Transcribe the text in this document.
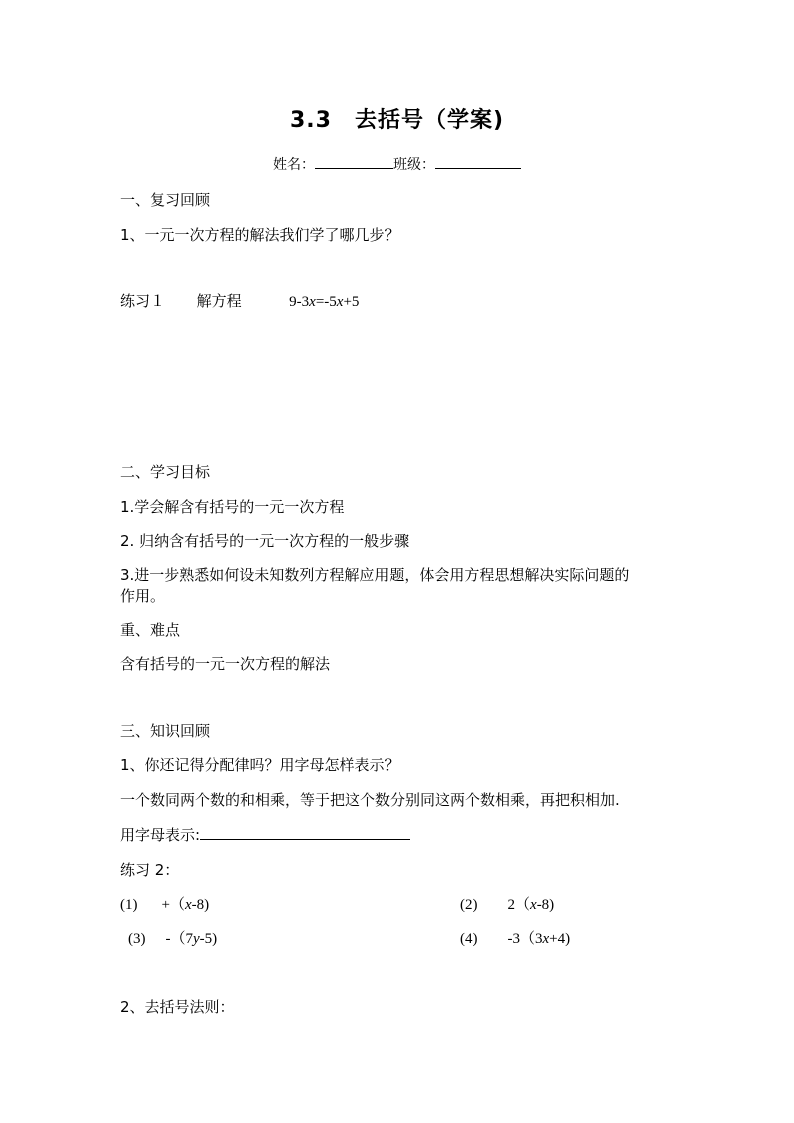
3.3　去括号（学案)
姓名：	班级：
一、复习回顾
1、一元一次方程的解法我们学了哪几步？
练习１ 解方程	9-3x=-5x+5
二、学习目标
1.学会解含有括号的一元一次方程
2. 归纳含有括号的一元一次方程的一般步骤
3.进一步熟悉如何设未知数列方程解应用题，体会用方程思想解决实际问题的
作用。
重、难点
含有括号的一元一次方程的解法
三、知识回顾
1、你还记得分配律吗？用字母怎样表示？
一个数同两个数的和相乘，等于把这个数分别同这两个数相乘，再把积相加.
用字母表示:
练习 2：
(1) +（x-8)	(2) 2（x-8)
(3) -（7y-5)	(4) -3（3x+4)
2、去括号法则：
